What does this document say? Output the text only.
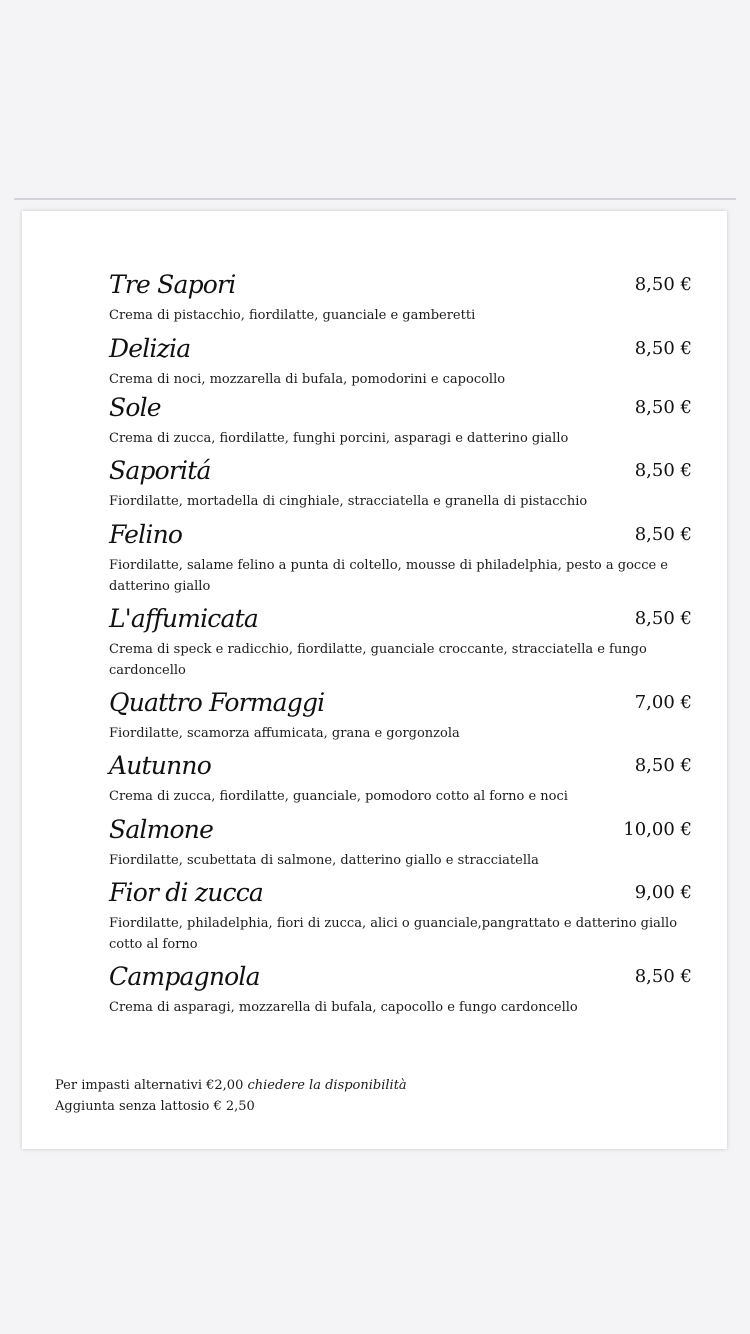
Tre Sapori	8,50 €
Crema di pistacchio, fiordilatte, guanciale e gamberetti
Delizia	8,50 €
Crema di noci, mozzarella di bufala, pomodorini e capocollo
Sole	8,50 €
Crema di zucca, fiordilatte, funghi porcini, asparagi e datterino giallo
Saporitá	8,50 €
Fiordilatte, mortadella di cinghiale, stracciatella e granella di pistacchio
Felino	8,50 €
Fiordilatte, salame felino a punta di coltello, mousse di philadelphia, pesto a gocce e datterino giallo
L'affumicata	8,50 €
Crema di speck e radicchio, fiordilatte, guanciale croccante, stracciatella e fungo cardoncello
Quattro Formaggi	7,00 €
Fiordilatte, scamorza affumicata, grana e gorgonzola
Autunno	8,50 €
Crema di zucca, fiordilatte, guanciale, pomodoro cotto al forno e noci
Salmone	10,00 €
Fiordilatte, scubettata di salmone, datterino giallo e stracciatella
Fior di zucca	9,00 €
Fiordilatte, philadelphia, fiori di zucca, alici o guanciale,pangrattato e datterino giallo cotto al forno
Campagnola	8,50 €
Crema di asparagi, mozzarella di bufala, capocollo e fungo cardoncello
Per impasti alternativi €2,00 chiedere la disponibilità
Aggiunta senza lattosio € 2,50
